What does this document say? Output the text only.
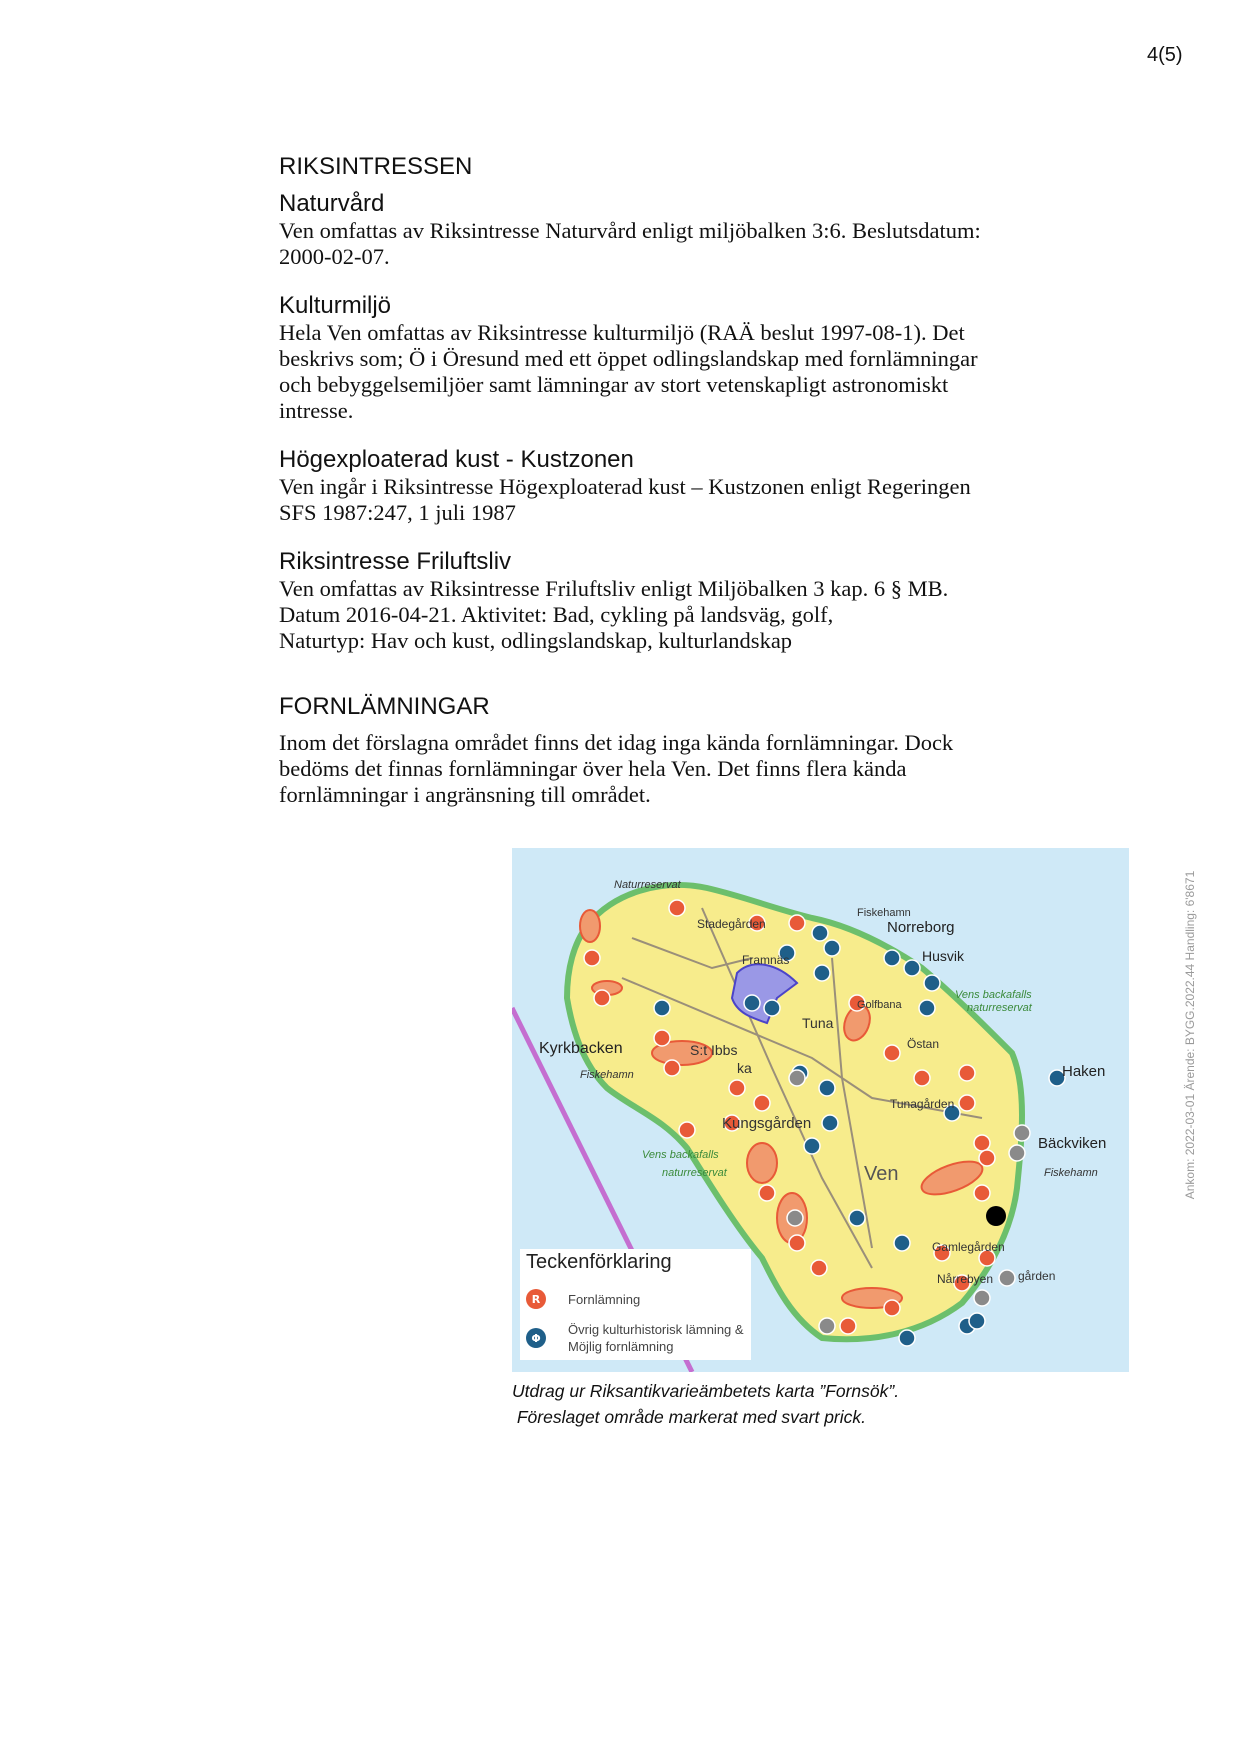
4(5)
Ankom: 2022-03-01 Ärende: BYGG.2022.44 Handling: 6'8671
RIKSINTRESSEN
Naturvård

Ven omfattas av Riksintresse Naturvård enligt miljöbalken 3:6. Beslutsdatum:
2000-02-07.

Kulturmiljö

Hela Ven omfattas av Riksintresse kulturmiljö (RAÄ beslut 1997-08-1). Det
beskrivs som; Ö i Öresund med ett öppet odlingslandskap med fornlämningar
och bebyggelsemiljöer samt lämningar av stort vetenskapligt astronomiskt
intresse.

Högexploaterad kust - Kustzonen

Ven ingår i Riksintresse Högexploaterad kust – Kustzonen enligt Regeringen
SFS 1987:247, 1 juli 1987

Riksintresse Friluftsliv

Ven omfattas av Riksintresse Friluftsliv enligt Miljöbalken 3 kap. 6 § MB.
Datum 2016-04-21. Aktivitet: Bad, cykling på landsväg, golf,
Naturtyp: Hav och kust, odlingslandskap, kulturlandskap

FORNLÄMNINGAR

Inom det förslagna området finns det idag inga kända fornlämningar. Dock
bedöms det finnas fornlämningar över hela Ven. Det finns flera kända
fornlämningar i angränsning till området.

Naturreservat
Stadegården
Fiskehamn
Norreborg
Framnäs	Husvik
Vens backafalls
naturreservat
Golfbana
Tuna
Kyrkbacken
Fiskehamn
S:t Ibbs
ka
Östan
Haken
Tunagården
Kungsgården
Bäckviken
Vens backafalls
naturreservat	Fiskehamn
Ven
Gamlegården
Nårrebyen gården
Teckenförklaring
R	Fornlämning
Φ
Övrig kulturhistorisk lämning &
Möjlig fornlämning
Utdrag ur Riksantikvarieämbetets karta ”Fornsök”.
Föreslaget område markerat med svart prick.
